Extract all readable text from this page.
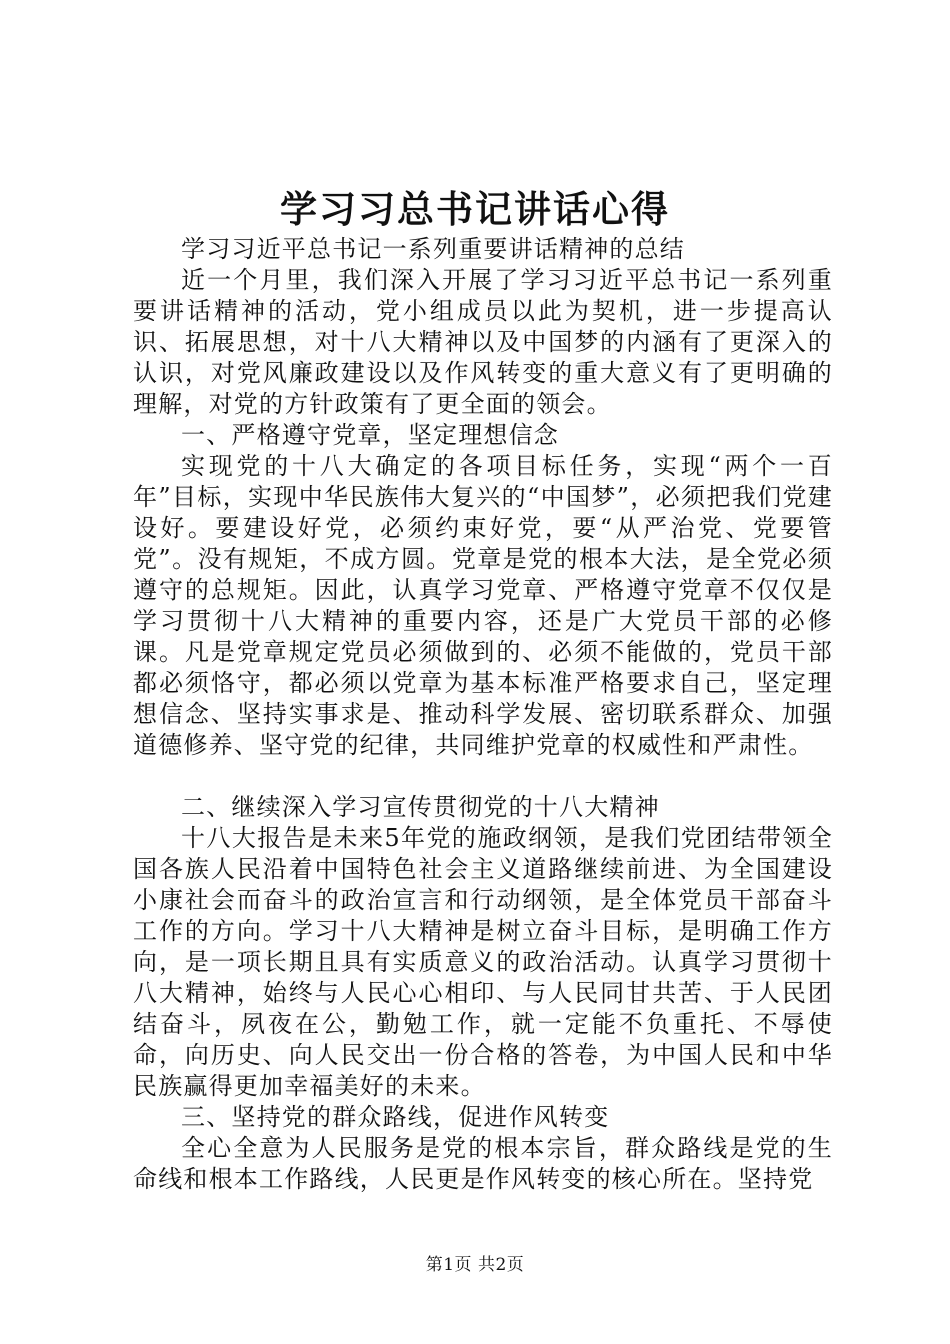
学习习总书记讲话心得

学习习近平总书记一系列重要讲话精神的总结

近一个月里，我们深入开展了学习习近平总书记一系列重要讲话精神的活动，党小组成员以此为契机，进一步提高认识、拓展思想，对十八大精神以及中国梦的内涵有了更深入的认识，对党风廉政建设以及作风转变的重大意义有了更明确的理解，对党的方针政策有了更全面的领会。

一、严格遵守党章，坚定理想信念

实现党的十八大确定的各项目标任务，实现“两个一百年”目标，实现中华民族伟大复兴的“中国梦”，必须把我们党建设好。要建设好党，必须约束好党，要“从严治党、党要管党”。没有规矩，不成方圆。党章是党的根本大法，是全党必须遵守的总规矩。因此，认真学习党章、严格遵守党章不仅仅是学习贯彻十八大精神的重要内容，还是广大党员干部的必修课。凡是党章规定党员必须做到的、必须不能做的，党员干部都必须恪守，都必须以党章为基本标准严格要求自己，坚定理想信念、坚持实事求是、推动科学发展、密切联系群众、加强道德修养、坚守党的纪律，共同维护党章的权威性和严肃性。

二、继续深入学习宣传贯彻党的十八大精神

十八大报告是未来5年党的施政纲领，是我们党团结带领全国各族人民沿着中国特色社会主义道路继续前进、为全国建设小康社会而奋斗的政治宣言和行动纲领，是全体党员干部奋斗工作的方向。学习十八大精神是树立奋斗目标，是明确工作方向，是一项长期且具有实质意义的政治活动。认真学习贯彻十八大精神，始终与人民心心相印、与人民同甘共苦、于人民团结奋斗，夙夜在公，勤勉工作，就一定能不负重托、不辱使命，向历史、向人民交出一份合格的答卷，为中国人民和中华民族赢得更加幸福美好的未来。

三、坚持党的群众路线，促进作风转变

全心全意为人民服务是党的根本宗旨，群众路线是党的生命线和根本工作路线，人民更是作风转变的核心所在。坚持党

第1页 共2页
